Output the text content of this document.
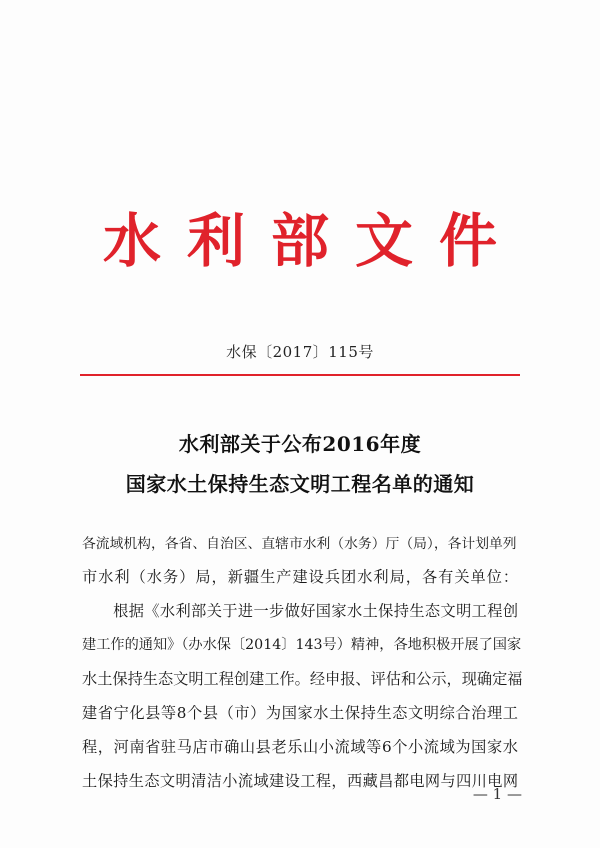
水利部文件
水保〔2017〕115号
水利部关于公布2016年度
国家水土保持生态文明工程名单的通知
各流域机构，各省、自治区、直辖市水利（水务）厅（局），各计划单列
市水利（水务）局，新疆生产建设兵团水利局，各有关单位：
　　根据《水利部关于进一步做好国家水土保持生态文明工程创
建工作的通知》（办水保〔2014〕143号）精神，各地积极开展了国家
水土保持生态文明工程创建工作。经申报、评估和公示，现确定福
建省宁化县等8个县（市）为国家水土保持生态文明综合治理工
程，河南省驻马店市确山县老乐山小流域等6个小流域为国家水
土保持生态文明清洁小流域建设工程，西藏昌都电网与四川电网
— 1 —
